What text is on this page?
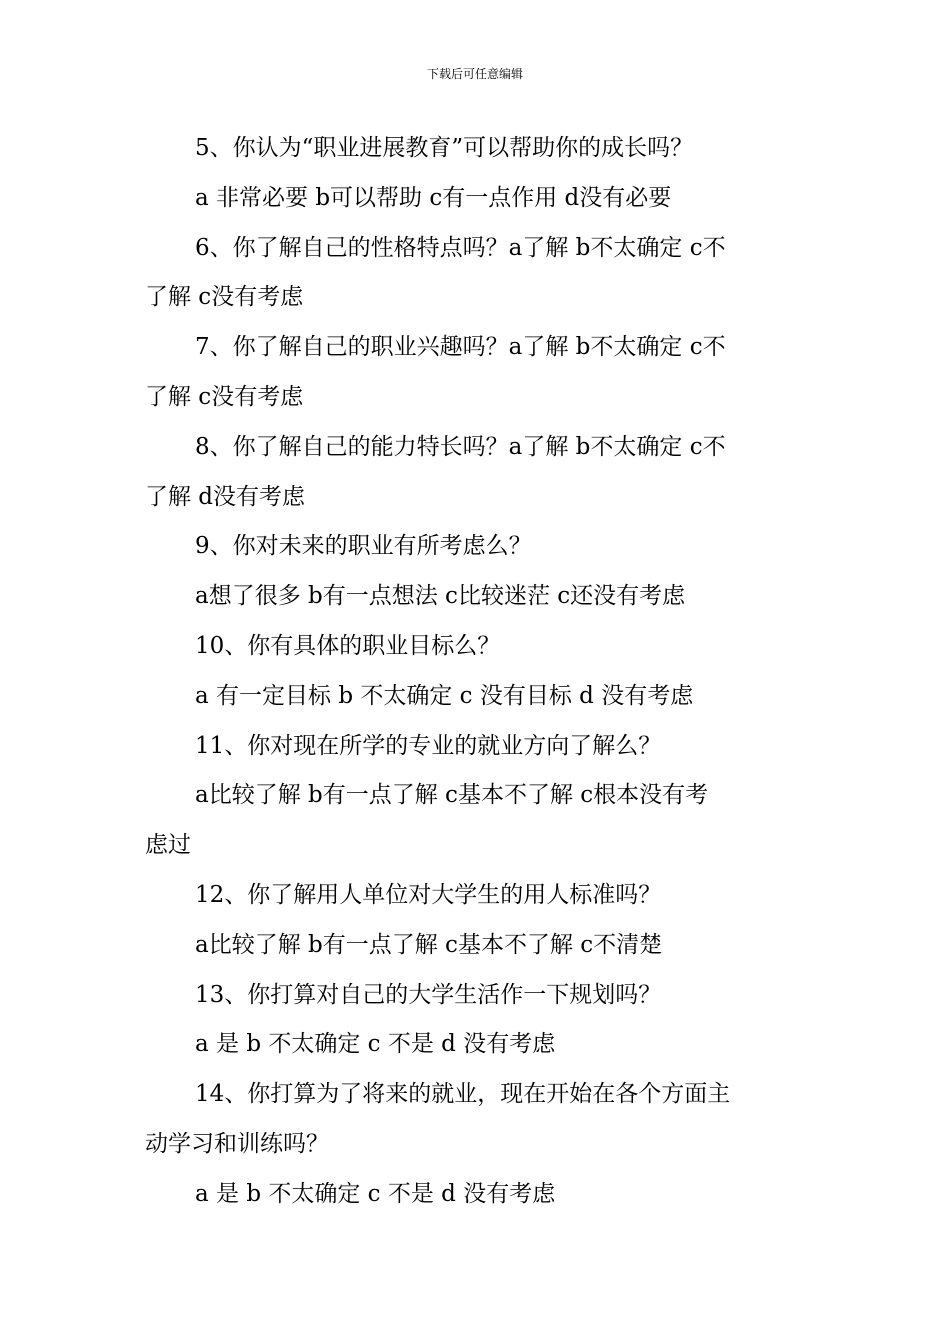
下载后可任意编辑
5、你认为“职业进展教育”可以帮助你的成长吗？
a 非常必要 b可以帮助 c有一点作用 d没有必要
6、你了解自己的性格特点吗？a了解 b不太确定 c不
了解 c没有考虑
7、你了解自己的职业兴趣吗？a了解 b不太确定 c不
了解 c没有考虑
8、你了解自己的能力特长吗？a了解 b不太确定 c不
了解 d没有考虑
9、你对未来的职业有所考虑么？
a想了很多 b有一点想法 c比较迷茫 c还没有考虑
10、你有具体的职业目标么？
a 有一定目标 b 不太确定 c 没有目标 d 没有考虑
11、你对现在所学的专业的就业方向了解么？
a比较了解 b有一点了解 c基本不了解 c根本没有考
虑过
12、你了解用人单位对大学生的用人标准吗？
a比较了解 b有一点了解 c基本不了解 c不清楚
13、你打算对自己的大学生活作一下规划吗？
a 是 b 不太确定 c 不是 d 没有考虑
14、你打算为了将来的就业，现在开始在各个方面主
动学习和训练吗？
a 是 b 不太确定 c 不是 d 没有考虑
